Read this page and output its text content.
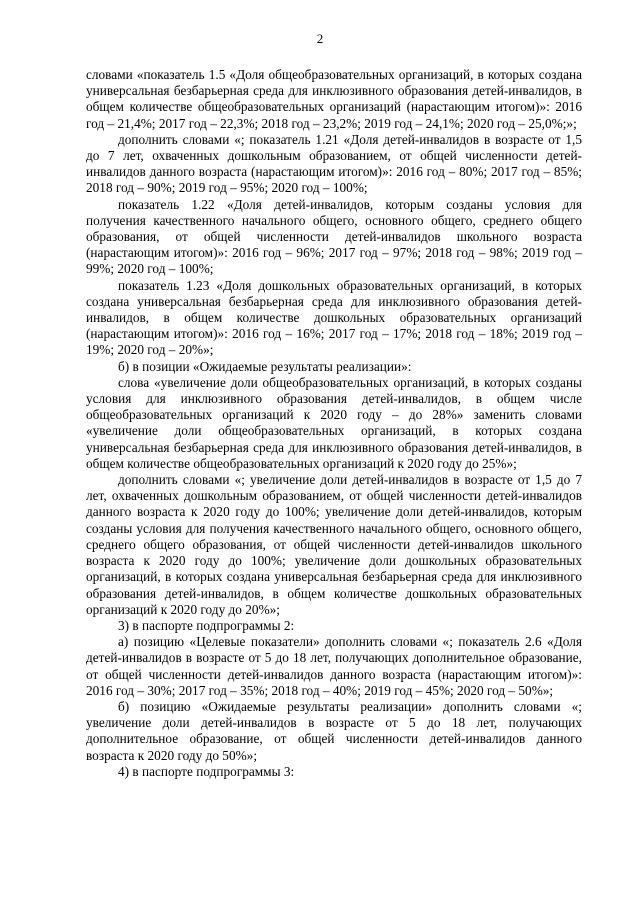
2

словами «показатель 1.5 «Доля общеобразовательных организаций, в которых создана универсальная безбарьерная среда для инклюзивного образования детей-инвалидов, в общем количестве общеобразовательных организаций (нарастающим итогом)»: 2016 год – 21,4%; 2017 год – 22,3%; 2018 год – 23,2%; 2019 год – 24,1%; 2020 год – 25,0%;»;

дополнить словами «; показатель 1.21 «Доля детей-инвалидов в возрасте от 1,5 до 7 лет, охваченных дошкольным образованием, от общей численности детей-инвалидов данного возраста (нарастающим итогом)»: 2016 год – 80%; 2017 год – 85%; 2018 год – 90%; 2019 год – 95%; 2020 год – 100%;

показатель 1.22 «Доля детей-инвалидов, которым созданы условия для получения качественного начального общего, основного общего, среднего общего образования, от общей численности детей-инвалидов школьного возраста (нарастающим итогом)»: 2016 год – 96%; 2017 год – 97%; 2018 год – 98%; 2019 год – 99%; 2020 год – 100%;

показатель 1.23 «Доля дошкольных образовательных организаций, в которых создана универсальная безбарьерная среда для инклюзивного образования детей-инвалидов, в общем количестве дошкольных образовательных организаций (нарастающим итогом)»: 2016 год – 16%; 2017 год – 17%; 2018 год – 18%; 2019 год – 19%; 2020 год – 20%»;

б) в позиции «Ожидаемые результаты реализации»:

слова «увеличение доли общеобразовательных организаций, в которых созданы условия для инклюзивного образования детей-инвалидов, в общем числе общеобразовательных организаций к 2020 году – до 28%» заменить словами «увеличение доли общеобразовательных организаций, в которых создана универсальная безбарьерная среда для инклюзивного образования детей-инвалидов, в общем количестве общеобразовательных организаций к 2020 году до 25%»;

дополнить словами «; увеличение доли детей-инвалидов в возрасте от 1,5 до 7 лет, охваченных дошкольным образованием, от общей численности детей-инвалидов данного возраста к 2020 году до 100%; увеличение доли детей-инвалидов, которым созданы условия для получения качественного начального общего, основного общего, среднего общего образования, от общей численности детей-инвалидов школьного возраста к 2020 году до 100%; увеличение доли дошкольных образовательных организаций, в которых создана универсальная безбарьерная среда для инклюзивного образования детей-инвалидов, в общем количестве дошкольных образовательных организаций к 2020 году до 20%»;

3) в паспорте подпрограммы 2:

а) позицию «Целевые показатели» дополнить словами «; показатель 2.6 «Доля детей-инвалидов в возрасте от 5 до 18 лет, получающих дополнительное образование, от общей численности детей-инвалидов данного возраста (нарастающим итогом)»: 2016 год – 30%; 2017 год – 35%; 2018 год – 40%; 2019 год – 45%; 2020 год – 50%»;

б) позицию «Ожидаемые результаты реализации» дополнить словами «; увеличение доли детей-инвалидов в возрасте от 5 до 18 лет, получающих дополнительное образование, от общей численности детей-инвалидов данного возраста к 2020 году до 50%»;

4) в паспорте подпрограммы 3:
